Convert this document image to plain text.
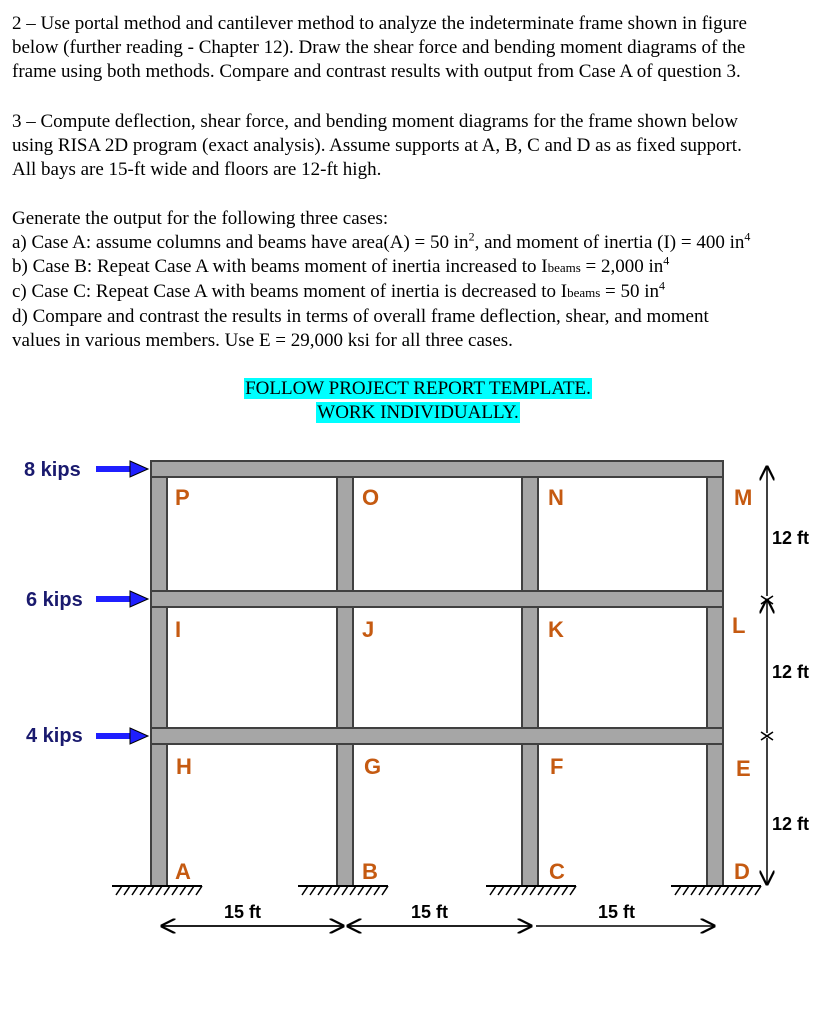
2 – Use portal method and cantilever method to analyze the indeterminate frame shown in figure

below (further reading - Chapter 12). Draw the shear force and bending moment diagrams of the

frame using both methods. Compare and contrast results with output from Case A of question 3.

3 – Compute deflection, shear force, and bending moment diagrams for the frame shown below

using RISA 2D program (exact analysis). Assume supports at A, B, C and D as as fixed support.

All bays are 15-ft wide and floors are 12-ft high.

Generate the output for the following three cases:

a) Case A: assume columns and beams have area(A) = 50 $in^2$, and moment of inertia (I) = 400 $in^4$

b) Case B: Repeat Case A with beams moment of inertia increased to Ibeams = 2,000 $in^4$

c) Case C: Repeat Case A with beams moment of inertia is decreased to Ibeams = 50 $in^4$

d) Compare and contrast the results in terms of overall frame deflection, shear, and moment

values in various members. Use E = 29,000 ksi for all three cases.

FOLLOW PROJECT REPORT TEMPLATE.
WORK INDIVIDUALLY.
8 kips
6 kips
4 kips
P	O	N	M
I	J	K	L
H	G	F	E
A	B	C	D
12 ft
12 ft
12 ft
15 ft	15 ft	15 ft
